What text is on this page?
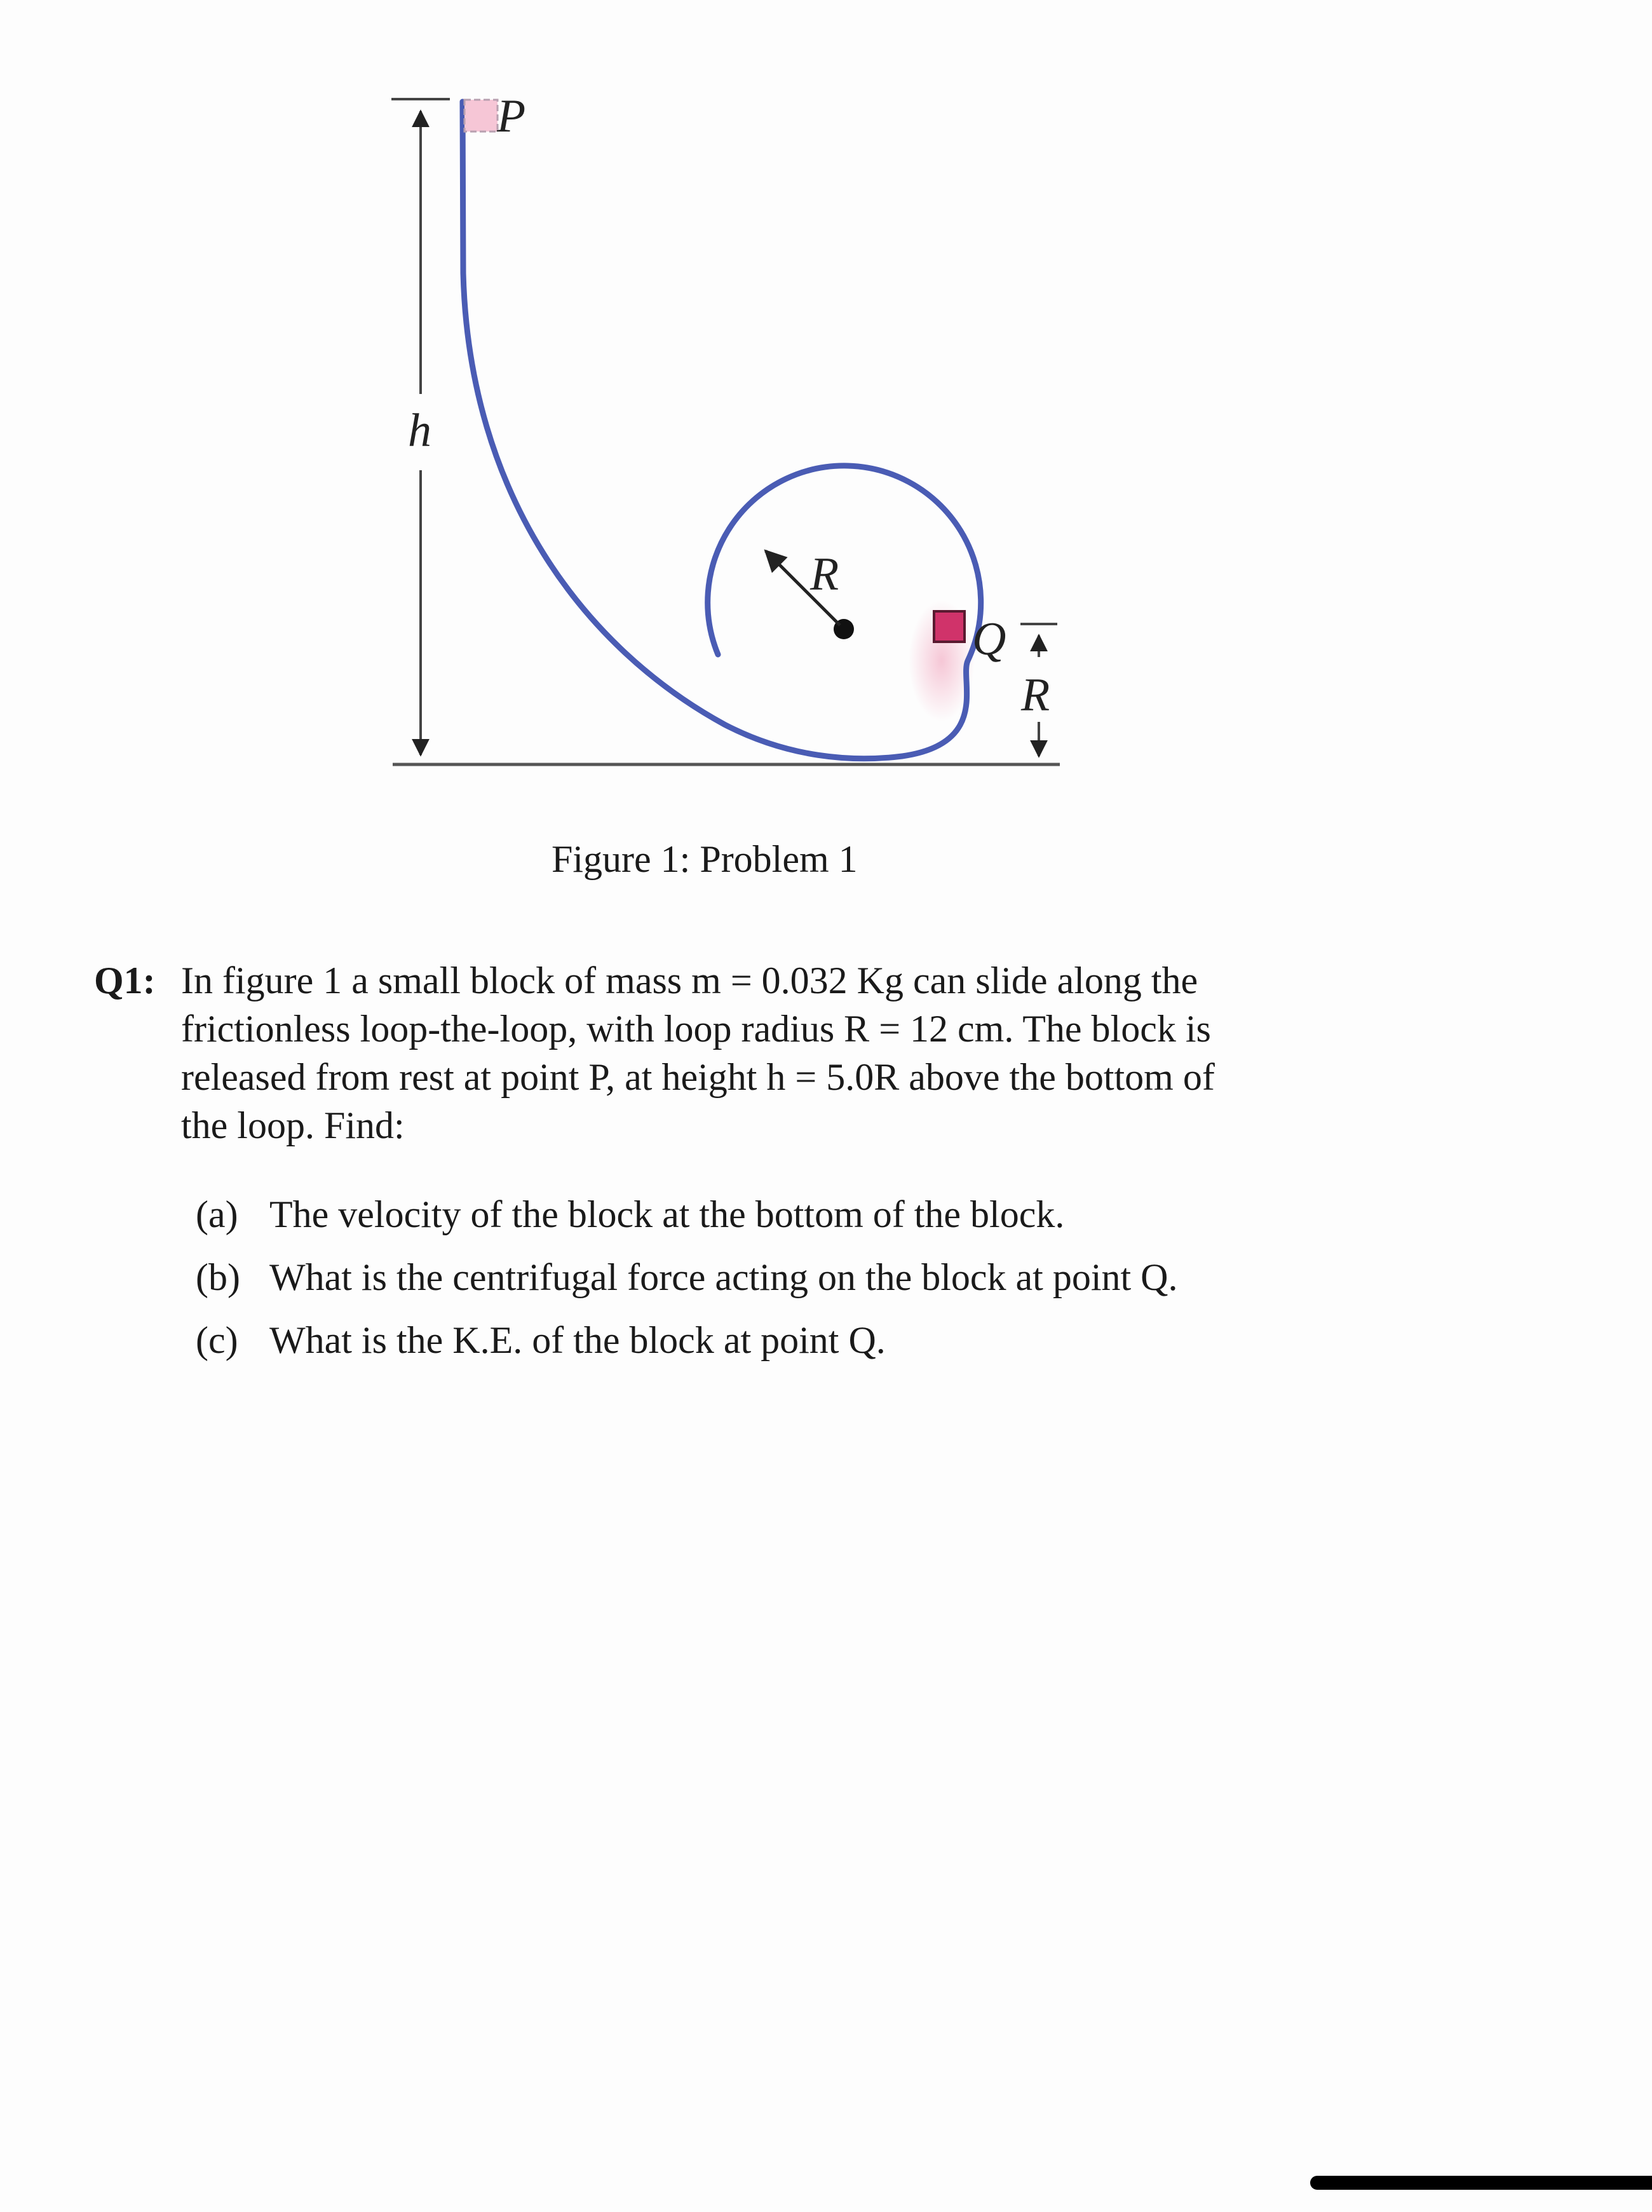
h
R
P
R
Q
Figure 1: Problem 1
Q1: In figure 1 a small block of mass m = 0.032 Kg can slide along the
frictionless loop-the-loop, with loop radius R = 12 cm. The block is
released from rest at point P, at height h = 5.0R above the bottom of
the loop. Find:
(a) The velocity of the block at the bottom of the block.
(b) What is the centrifugal force acting on the block at point Q.
(c) What is the K.E. of the block at point Q.
